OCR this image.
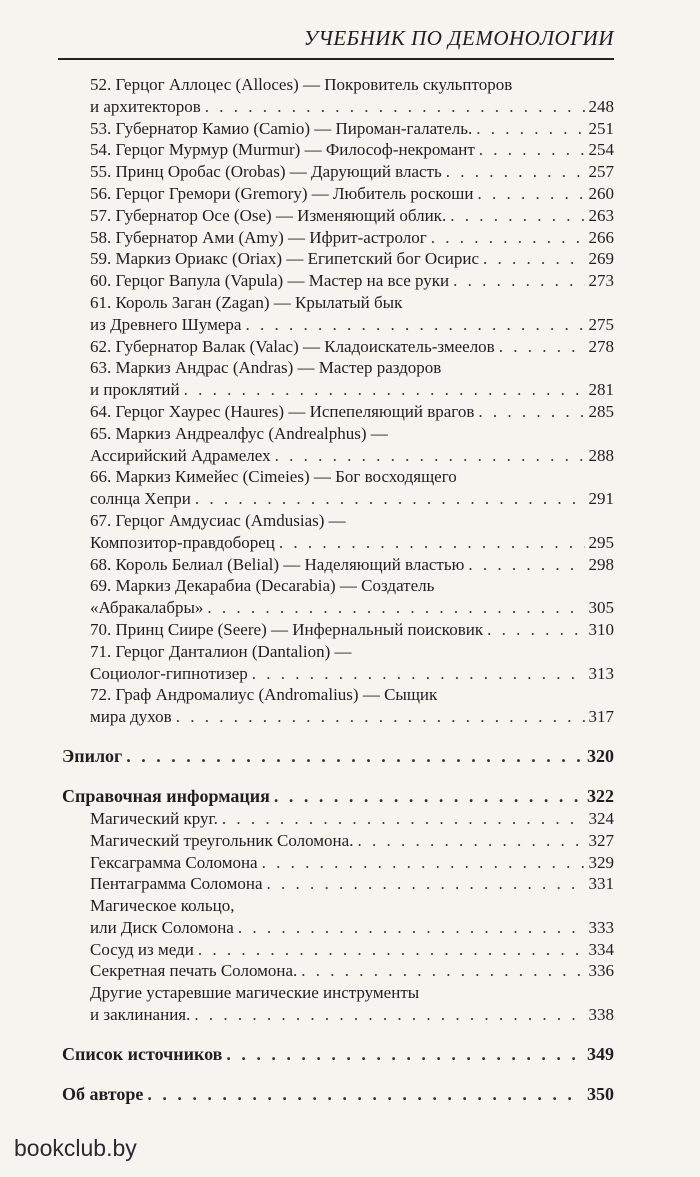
УЧЕБНИК ПО ДЕМОНОЛОГИИ
52. Герцог Аллоцес (Alloces) — Покровитель скульпторов
и архитекторов . . .	248
53. Губернатор Камио (Camio) — Пироман-галатель. . . .	251
54. Герцог Мурмур (Murmur) — Философ-некромант . . .	254
55. Принц Оробас (Orobas) — Дарующий власть . . .	257
56. Герцог Гремори (Gremory) — Любитель роскоши . . .	260
57. Губернатор Осе (Ose) — Изменяющий облик. . . .	263
58. Губернатор Ами (Amy) — Ифрит-астролог . . .	266
59. Маркиз Ориакс (Oriax) — Египетский бог Осирис . . .	269
60. Герцог Вапула (Vapula) — Мастер на все руки . . .	273
61. Король Заган (Zagan) — Крылатый бык
из Древнего Шумера . . .	275
62. Губернатор Валак (Valac) — Кладоискатель-змеелов . . .	278
63. Маркиз Андрас (Andras) — Мастер раздоров
и проклятий . . .	281
64. Герцог Хаурес (Haures) — Испепеляющий врагов . . .	285
65. Маркиз Андреалфус (Andrealphus) —
Ассирийский Адрамелех . . .	288
66. Маркиз Кимейес (Cimeies) — Бог восходящего
солнца Хепри . . .	291
67. Герцог Амдусиас (Amdusias) —
Композитор-правдоборец . . .	295
68. Король Белиал (Belial) — Наделяющий властью . . .	298
69. Маркиз Декарабиа (Decarabia) — Создатель
«Абракалабры» . . .	305
70. Принц Сиире (Seere) — Инфернальный поисковик . . .	310
71. Герцог Данталион (Dantalion) —
Социолог-гипнотизер . . .	313
72. Граф Андромалиус (Andromalius) — Сыщик
мира духов . . .	317
Эпилог . . .	320
Справочная информация . . .	322
Магический круг. . . .	324
Магический треугольник Соломона. . . .	327
Гексаграмма Соломона . . .	329
Пентаграмма Соломона . . .	331
Магическое кольцо,
или Диск Соломона . . .	333
Сосуд из меди . . .	334
Секретная печать Соломона. . . .	336
Другие устаревшие магические инструменты
и заклинания. . . .	338
Список источников . . .	349
Об авторе . . .	350
bookclub.by
